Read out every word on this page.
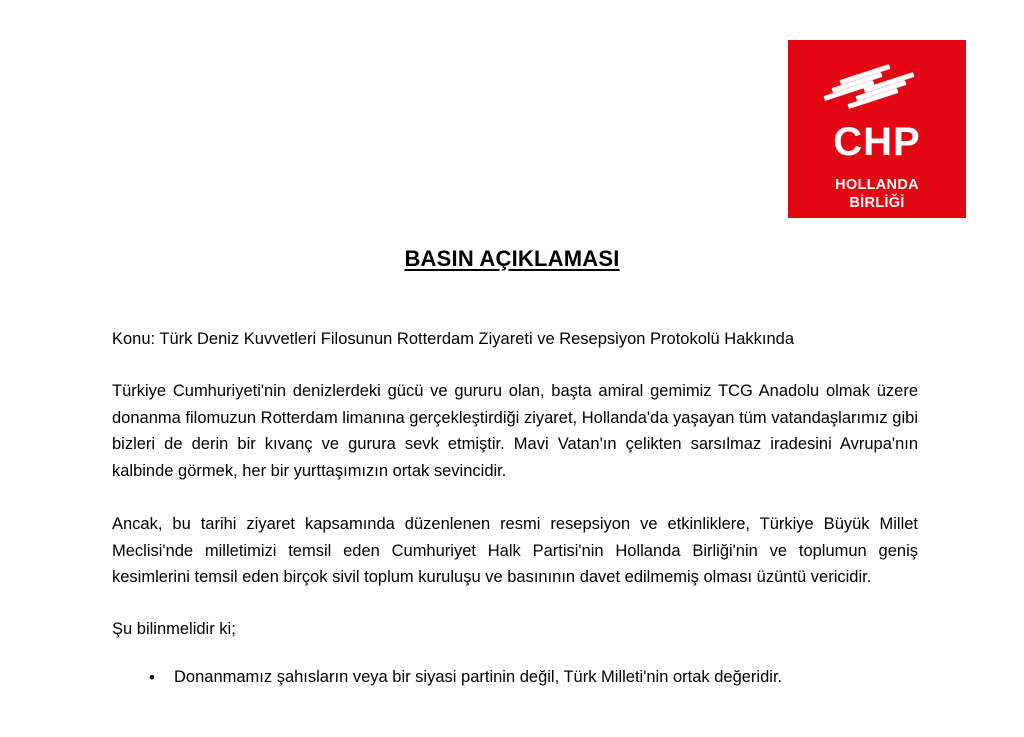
CHP
HOLLANDA
BİRLİĞİ
BASIN AÇIKLAMASI
Konu: Türk Deniz Kuvvetleri Filosunun Rotterdam Ziyareti ve Resepsiyon Protokolü Hakkında

Türkiye Cumhuriyeti'nin denizlerdeki gücü ve gururu olan, başta amiral gemimiz TCG Anadolu olmak üzere donanma filomuzun Rotterdam limanına gerçekleştirdiği ziyaret, Hollanda'da yaşayan tüm vatandaşlarımız gibi bizleri de derin bir kıvanç ve gurura sevk etmiştir. Mavi Vatan'ın çelikten sarsılmaz iradesini Avrupa'nın kalbinde görmek, her bir yurttaşımızın ortak sevincidir.

Ancak, bu tarihi ziyaret kapsamında düzenlenen resmi resepsiyon ve etkinliklere, Türkiye Büyük Millet Meclisi'nde milletimizi temsil eden Cumhuriyet Halk Partisi'nin Hollanda Birliği'nin ve toplumun geniş kesimlerini temsil eden birçok sivil toplum kuruluşu ve basınının davet edilmemiş olması üzüntü vericidir.

Şu bilinmelidir ki;

• Donanmamız şahısların veya bir siyasi partinin değil, Türk Milleti'nin ortak değeridir.
